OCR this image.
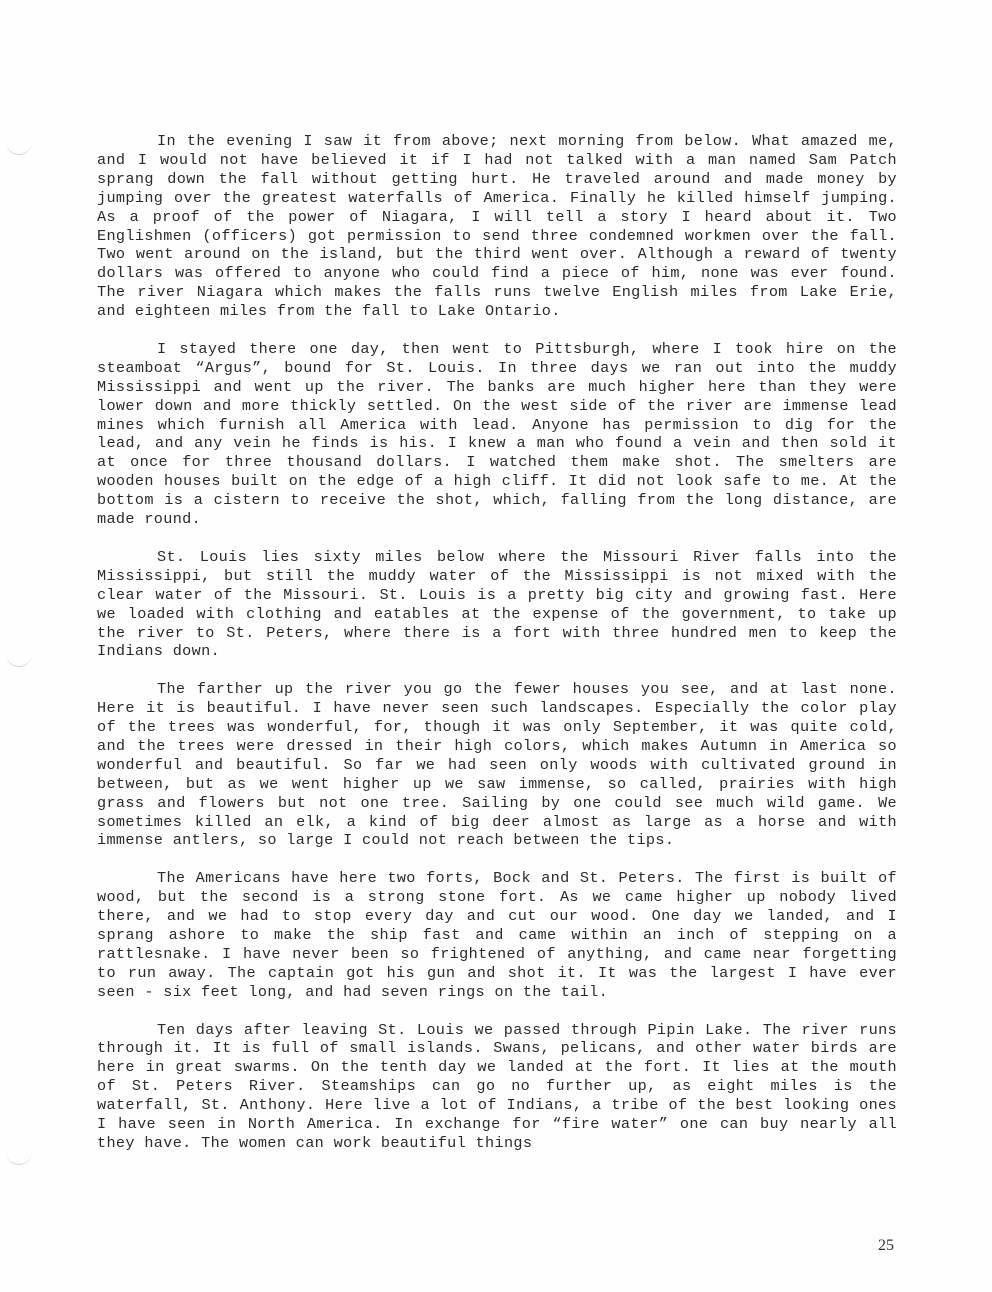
In the evening I saw it from above; next morning from below. What amazed me, and I would not have believed it if I had not talked with a man named Sam Patch sprang down the fall without getting hurt. He traveled around and made money by jumping over the greatest waterfalls of America. Finally he killed himself jumping. As a proof of the power of Niagara, I will tell a story I heard about it. Two Englishmen (officers) got permission to send three condemned workmen over the fall. Two went around on the island, but the third went over. Although a reward of twenty dollars was offered to anyone who could find a piece of him, none was ever found. The river Niagara which makes the falls runs twelve English miles from Lake Erie, and eighteen miles from the fall to Lake Ontario.

I stayed there one day, then went to Pittsburgh, where I took hire on the steamboat “Argus”, bound for St. Louis. In three days we ran out into the muddy Mississippi and went up the river. The banks are much higher here than they were lower down and more thickly settled. On the west side of the river are immense lead mines which furnish all America with lead. Anyone has permission to dig for the lead, and any vein he finds is his. I knew a man who found a vein and then sold it at once for three thousand dollars. I watched them make shot. The smelters are wooden houses built on the edge of a high cliff. It did not look safe to me. At the bottom is a cistern to receive the shot, which, falling from the long distance, are made round.

St. Louis lies sixty miles below where the Missouri River falls into the Mississippi, but still the muddy water of the Mississippi is not mixed with the clear water of the Missouri. St. Louis is a pretty big city and growing fast. Here we loaded with clothing and eatables at the expense of the government, to take up the river to St. Peters, where there is a fort with three hundred men to keep the Indians down.

The farther up the river you go the fewer houses you see, and at last none. Here it is beautiful. I have never seen such landscapes. Especially the color play of the trees was wonderful, for, though it was only September, it was quite cold, and the trees were dressed in their high colors, which makes Autumn in America so wonderful and beautiful. So far we had seen only woods with cultivated ground in between, but as we went higher up we saw immense, so called, prairies with high grass and flowers but not one tree. Sailing by one could see much wild game. We sometimes killed an elk, a kind of big deer almost as large as a horse and with immense antlers, so large I could not reach between the tips.

The Americans have here two forts, Bock and St. Peters. The first is built of wood, but the second is a strong stone fort. As we came higher up nobody lived there, and we had to stop every day and cut our wood. One day we landed, and I sprang ashore to make the ship fast and came within an inch of stepping on a rattlesnake. I have never been so frightened of anything, and came near forgetting to run away. The captain got his gun and shot it. It was the largest I have ever seen - six feet long, and had seven rings on the tail.

Ten days after leaving St. Louis we passed through Pipin Lake. The river runs through it. It is full of small islands. Swans, pelicans, and other water birds are here in great swarms. On the tenth day we landed at the fort. It lies at the mouth of St. Peters River. Steamships can go no further up, as eight miles is the waterfall, St. Anthony. Here live a lot of Indians, a tribe of the best looking ones I have seen in North America. In exchange for “fire water” one can buy nearly all they have. The women can work beautiful things

25
